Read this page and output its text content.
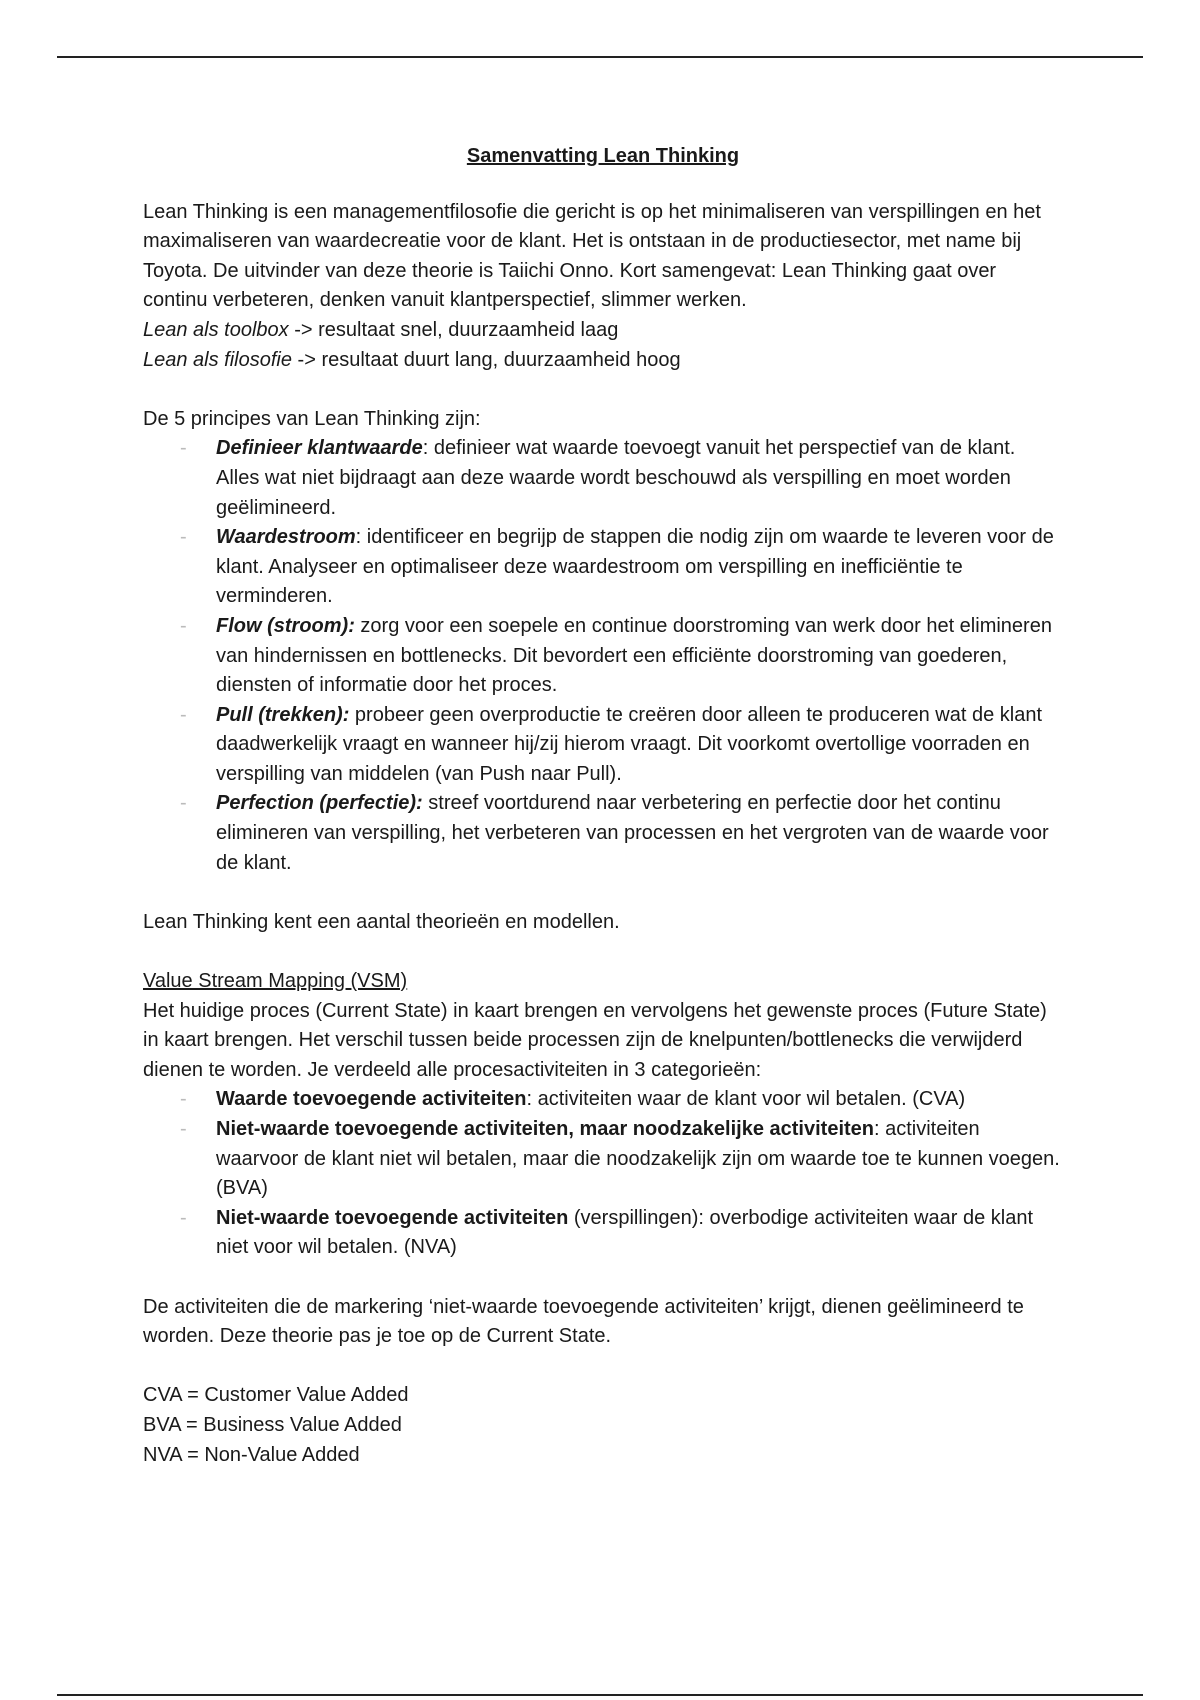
Samenvatting Lean Thinking

Lean Thinking is een managementfilosofie die gericht is op het minimaliseren van verspillingen en het maximaliseren van waardecreatie voor de klant. Het is ontstaan in de productiesector, met name bij Toyota. De uitvinder van deze theorie is Taiichi Onno. Kort samengevat: Lean Thinking gaat over continu verbeteren, denken vanuit klantperspectief, slimmer werken.

Lean als toolbox -> resultaat snel, duurzaamheid laag

Lean als filosofie -> resultaat duurt lang, duurzaamheid hoog

De 5 principes van Lean Thinking zijn:

- Definieer klantwaarde: definieer wat waarde toevoegt vanuit het perspectief van de klant. Alles wat niet bijdraagt aan deze waarde wordt beschouwd als verspilling en moet worden geëlimineerd.
- Waardestroom: identificeer en begrijp de stappen die nodig zijn om waarde te leveren voor de klant. Analyseer en optimaliseer deze waardestroom om verspilling en inefficiëntie te verminderen.
- Flow (stroom): zorg voor een soepele en continue doorstroming van werk door het elimineren van hindernissen en bottlenecks. Dit bevordert een efficiënte doorstroming van goederen, diensten of informatie door het proces.
- Pull (trekken): probeer geen overproductie te creëren door alleen te produceren wat de klant daadwerkelijk vraagt en wanneer hij/zij hierom vraagt. Dit voorkomt overtollige voorraden en verspilling van middelen (van Push naar Pull).
- Perfection (perfectie): streef voortdurend naar verbetering en perfectie door het continu elimineren van verspilling, het verbeteren van processen en het vergroten van de waarde voor de klant.

Lean Thinking kent een aantal theorieën en modellen.

Value Stream Mapping (VSM)

Het huidige proces (Current State) in kaart brengen en vervolgens het gewenste proces (Future State) in kaart brengen. Het verschil tussen beide processen zijn de knelpunten/bottlenecks die verwijderd dienen te worden. Je verdeeld alle procesactiviteiten in 3 categorieën:

- Waarde toevoegende activiteiten: activiteiten waar de klant voor wil betalen. (CVA)
- Niet-waarde toevoegende activiteiten, maar noodzakelijke activiteiten: activiteiten waarvoor de klant niet wil betalen, maar die noodzakelijk zijn om waarde toe te kunnen voegen. (BVA)
- Niet-waarde toevoegende activiteiten (verspillingen): overbodige activiteiten waar de klant niet voor wil betalen. (NVA)

De activiteiten die de markering ‘niet-waarde toevoegende activiteiten’ krijgt, dienen geëlimineerd te worden. Deze theorie pas je toe op de Current State.

CVA = Customer Value Added

BVA = Business Value Added

NVA = Non-Value Added
